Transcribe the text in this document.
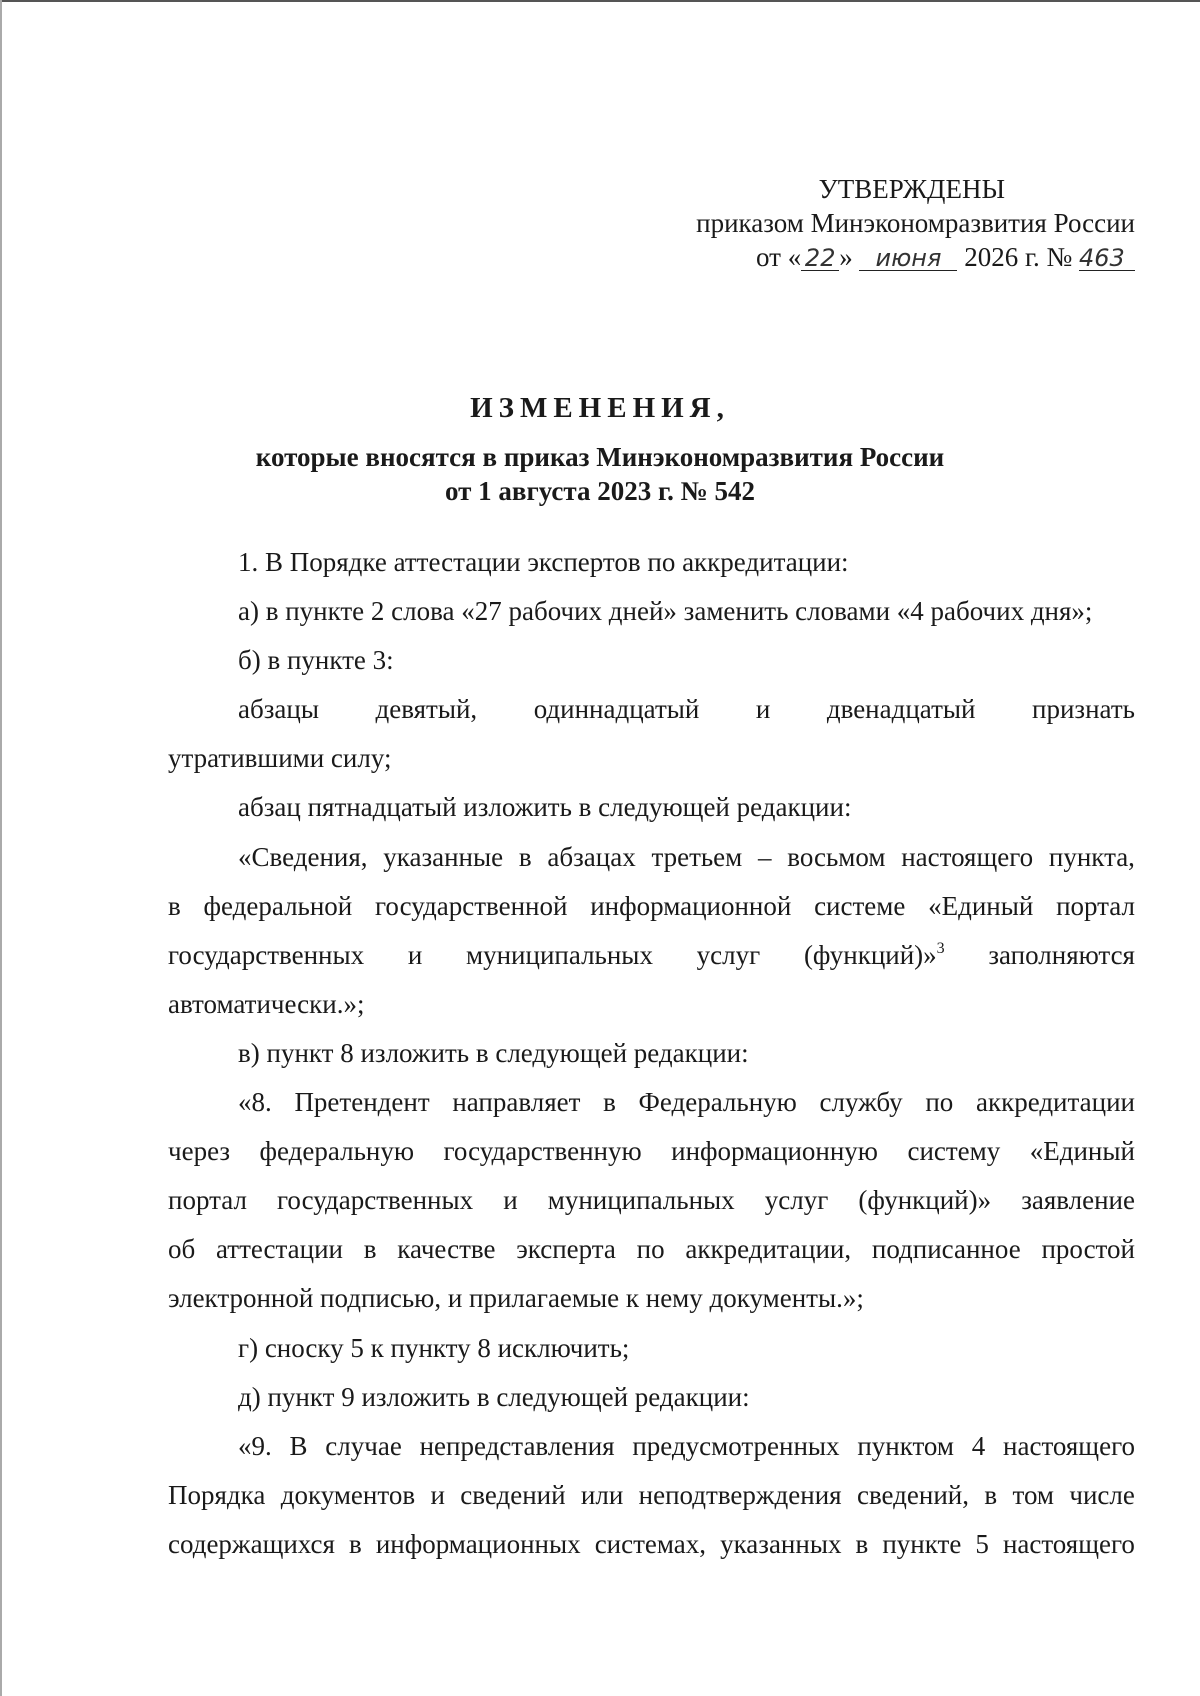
УТВЕРЖДЕНЫ
приказом Минэкономразвития России
от « 22 » июня 2026 г. № 463
ИЗМЕНЕНИЯ,
которые вносятся в приказ Минэкономразвития России
от 1 августа 2023 г. № 542
1. В Порядке аттестации экспертов по аккредитации:
а) в пункте 2 слова «27 рабочих дней» заменить словами «4 рабочих дня»;
б) в пункте 3:
абзацы девятый, одиннадцатый и двенадцатый признать
утратившими силу;
абзац пятнадцатый изложить в следующей редакции:
«Сведения, указанные в абзацах третьем – восьмом настоящего пункта,
в федеральной государственной информационной системе «Единый портал
государственных и муниципальных услуг (функций)»$^3$ заполняются
автоматически.»;
в) пункт 8 изложить в следующей редакции:
«8. Претендент направляет в Федеральную службу по аккредитации
через федеральную государственную информационную систему «Единый
портал государственных и муниципальных услуг (функций)» заявление
об аттестации в качестве эксперта по аккредитации, подписанное простой
электронной подписью, и прилагаемые к нему документы.»;
г) сноску 5 к пункту 8 исключить;
д) пункт 9 изложить в следующей редакции:
«9. В случае непредставления предусмотренных пунктом 4 настоящего
Порядка документов и сведений или неподтверждения сведений, в том числе
содержащихся в информационных системах, указанных в пункте 5 настоящего
